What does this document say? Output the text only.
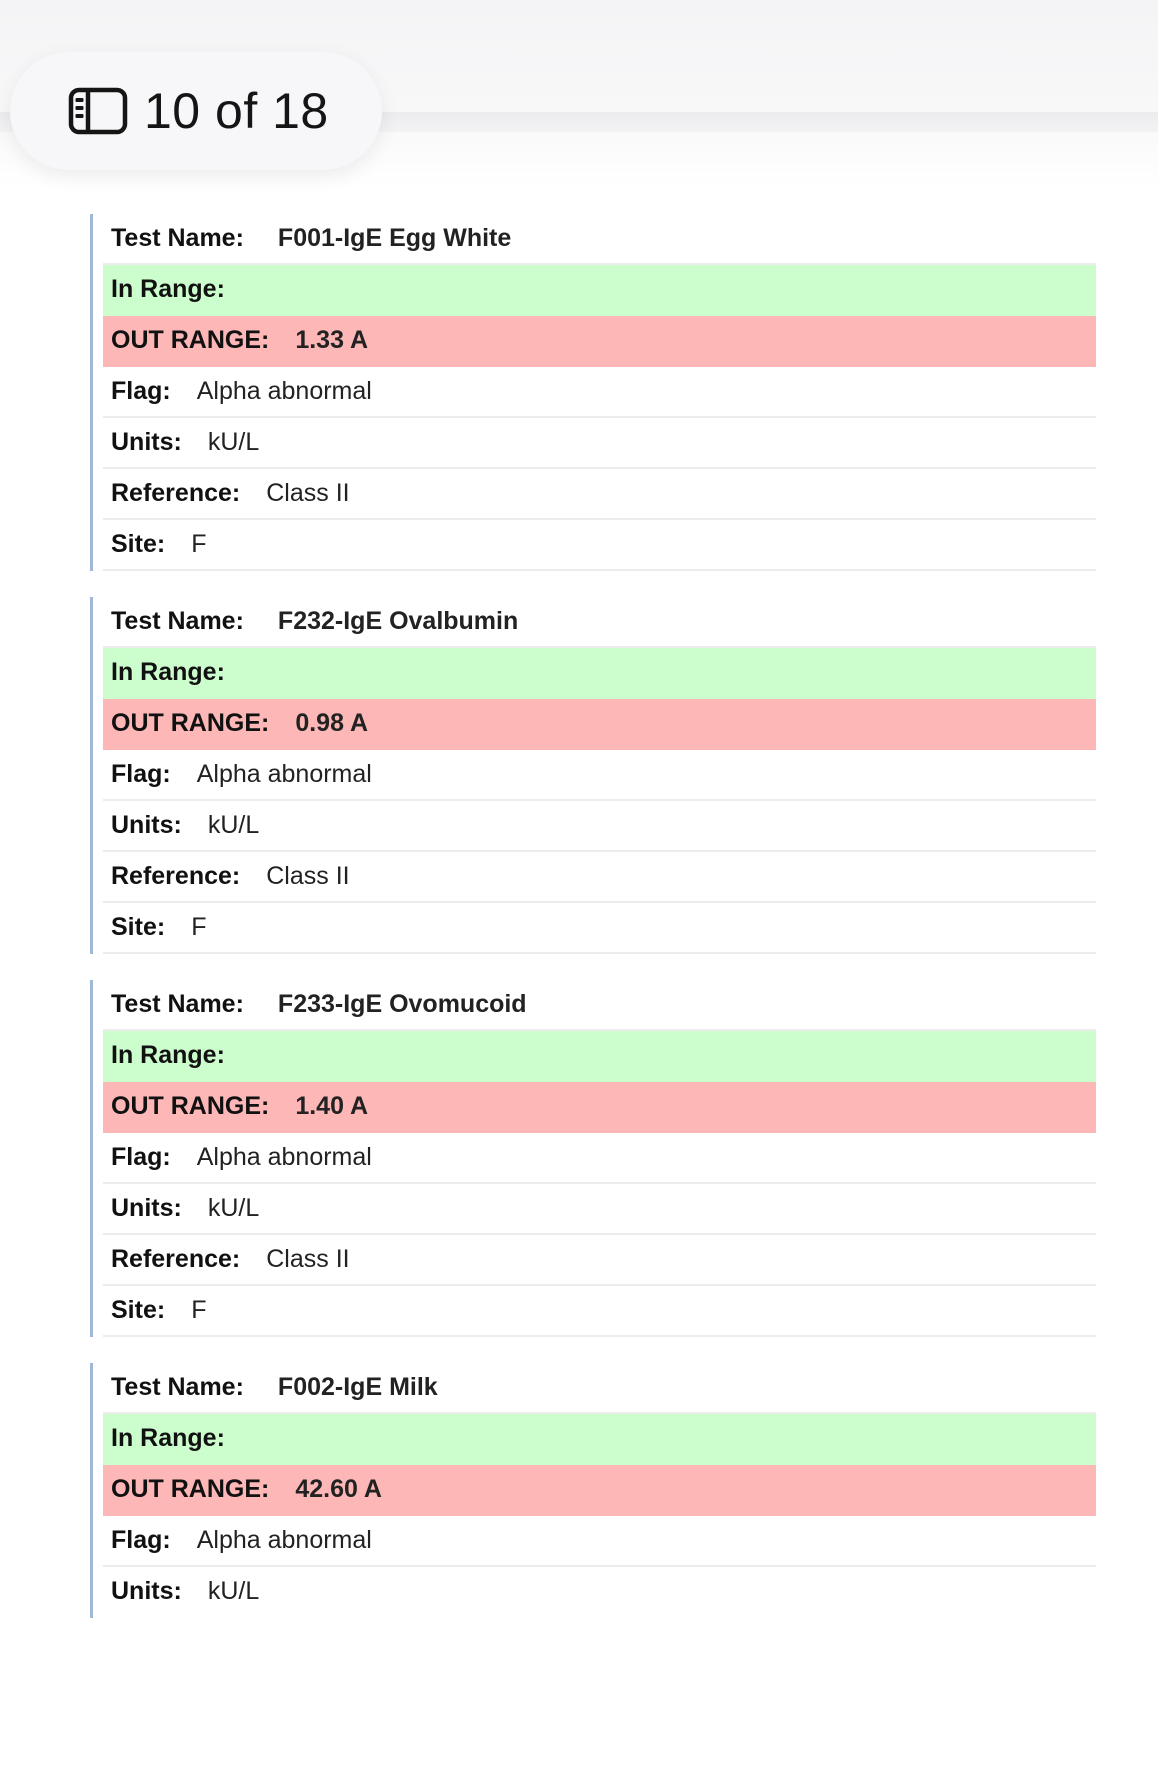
10 of 18
Test Name: F001-IgE Egg White
In Range:
OUT RANGE: 1.33 A
Flag: Alpha abnormal
Units: kU/L
Reference: Class II
Site: F
Test Name: F232-IgE Ovalbumin
In Range:
OUT RANGE: 0.98 A
Flag: Alpha abnormal
Units: kU/L
Reference: Class II
Site: F
Test Name: F233-IgE Ovomucoid
In Range:
OUT RANGE: 1.40 A
Flag: Alpha abnormal
Units: kU/L
Reference: Class II
Site: F
Test Name: F002-IgE Milk
In Range:
OUT RANGE: 42.60 A
Flag: Alpha abnormal
Units: kU/L
